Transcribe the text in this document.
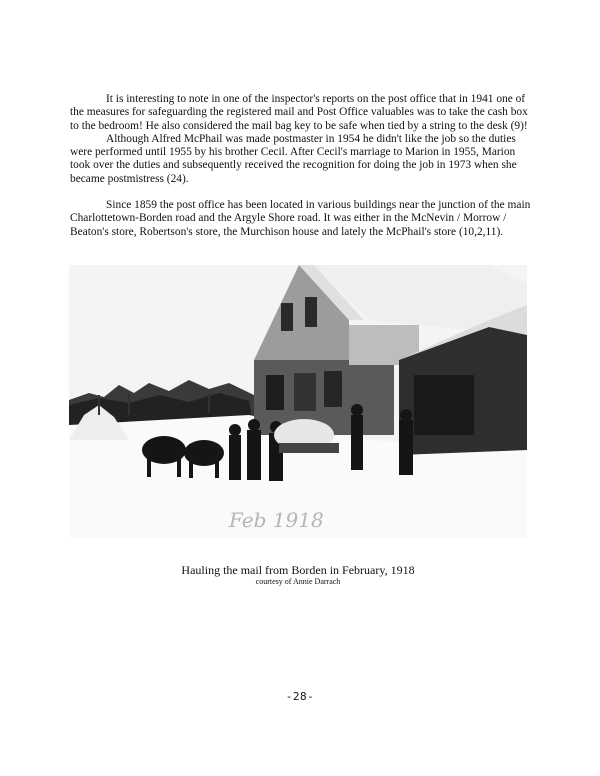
It is interesting to note in one of the inspector's reports on the post office that in 1941 one of the measures for safeguarding the registered mail and Post Office valuables was to take the cash box to the bedroom! He also considered the mail bag key to be safe when tied by a string to the desk (9)!

Although Alfred McPhail was made postmaster in 1954 he didn't like the job so the duties were performed until 1955 by his brother Cecil. After Cecil's marriage to Marion in 1955, Marion took over the duties and subsequently received the recognition for doing the job in 1973 when she became postmistress (24).

Since 1859 the post office has been located in various buildings near the junction of the main Charlottetown-Borden road and the Argyle Shore road. It was either in the McNevin / Morrow / Beaton's store, Robertson's store, the Murchison house and lately the McPhail's store (10,2,11).

Feb 1918
Hauling the mail from Borden in February, 1918
courtesy of Annie Darrach
-28-
